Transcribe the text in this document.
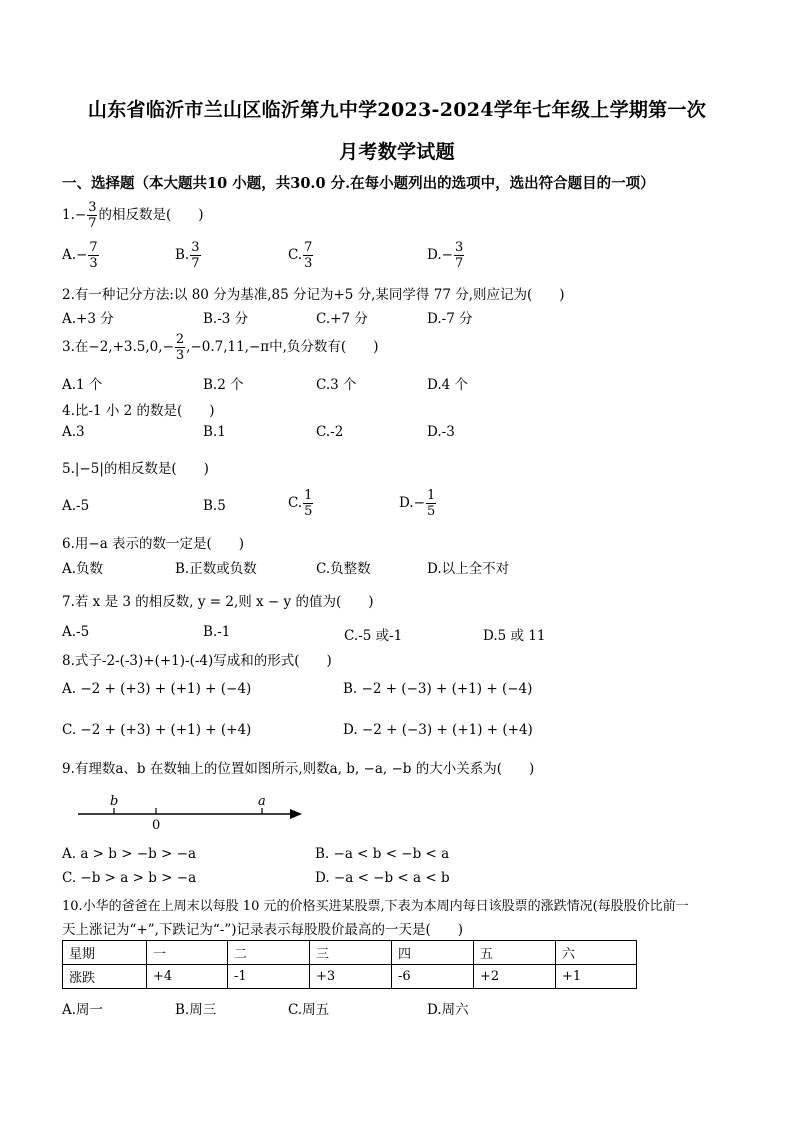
山东省临沂市兰山区临沂第九中学2023-2024学年七年级上学期第一次
月考数学试题
一、选择题（本大题共10 小题，共30.0 分.在每小题列出的选项中，选出符合题目的一项）
$1.- \frac{3}{7}$ 的相反数是(　　)
$A.- \frac{7}{3}$	B. $\frac{3}{7}$	C. $\frac{7}{3}$	$D.- \frac{3}{7}$
2.有一种记分方法:以 80 分为基准,85 分记为+5 分,某同学得 77 分,则应记为(　　)
A.+3 分	B.-3 分	C.+7 分	D.-7 分
3.在$-2,+3.5,0,- \frac{2}{3} ,-0.7,11,-\pi$中,负分数有(　　)
A.1 个	B.2 个	C.3 个	D.4 个
4.比-1 小 2 的数是(　　)
A.3	B.1	C.-2	D.-3
5.|−5|的相反数是(　　)
A.-5	B.5	C. $\frac{1}{5}$	$D.- \frac{1}{5}$
6.用−a 表示的数一定是(　　)
A.负数	B.正数或负数	C.负整数	D.以上全不对
7.若 x 是 3 的相反数, y = 2,则 x − y 的值为(　　)
A.-5	B.-1	C.-5 或-1	D.5 或 11
8.式子-2-(-3)+(+1)-(-4)写成和的形式(　　)
A. −2 + (+3) + (+1) + (−4)	B. −2 + (−3) + (+1) + (−4)
C. −2 + (+3) + (+1) + (+4)	D. −2 + (−3) + (+1) + (+4)
9.有理数a、b 在数轴上的位置如图所示,则数a, b, −a, −b 的大小关系为(　　)
b
0
a
A. a > b > −b > −a	B. −a < b < −b < a
C. −b > a > b > −a	D. −a < −b < a < b
10.小华的爸爸在上周末以每股 10 元的价格买进某股票,下表为本周内每日该股票的涨跌情况(每股股价比前一
天上涨记为“+”,下跌记为“-”)记录表示每股股价最高的一天是(　　)
星期	一	二	三	四	五	六
涨跌	+4	-1	+3	-6	+2	+1
A.周一	B.周三	C.周五	D.周六
